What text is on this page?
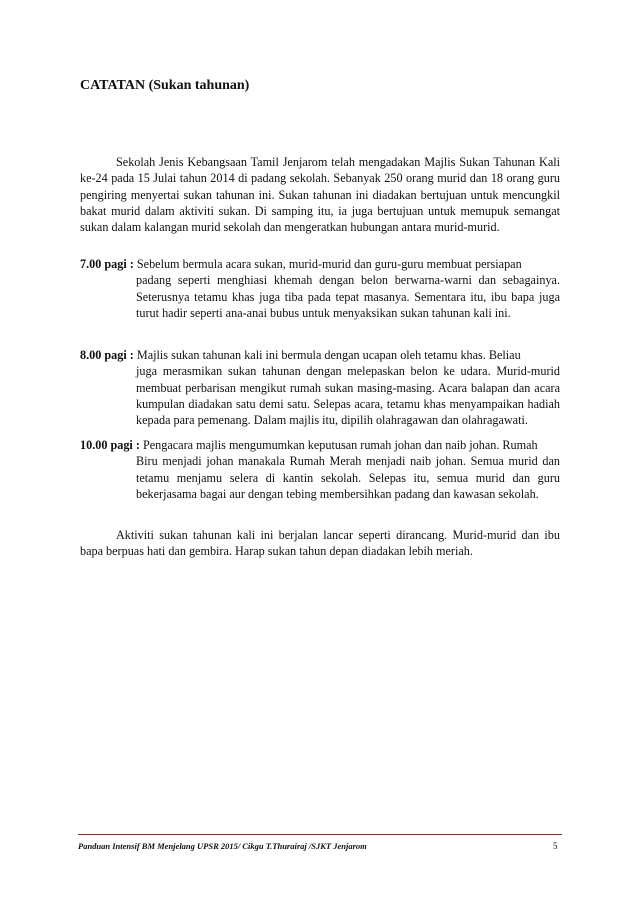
CATATAN (Sukan tahunan)

Sekolah Jenis Kebangsaan Tamil Jenjarom telah mengadakan Majlis Sukan Tahunan Kali ke-24 pada 15 Julai tahun 2014 di padang sekolah. Sebanyak 250 orang murid dan 18 orang guru pengiring menyertai sukan tahunan ini. Sukan tahunan ini diadakan bertujuan untuk mencungkil bakat murid dalam aktiviti sukan. Di samping itu, ia juga bertujuan untuk memupuk semangat sukan dalam kalangan murid sekolah dan mengeratkan hubungan antara murid-murid.

7.00 pagi : Sebelum bermula acara sukan, murid-murid dan guru-guru membuat persiapan
padang seperti menghiasi khemah dengan belon berwarna-warni dan sebagainya. Seterusnya tetamu khas juga tiba pada tepat masanya. Sementara itu, ibu bapa juga turut hadir seperti ana-anai bubus untuk menyaksikan sukan tahunan kali ini.
8.00 pagi : Majlis sukan tahunan kali ini bermula dengan ucapan oleh tetamu khas. Beliau
juga merasmikan sukan tahunan dengan melepaskan belon ke udara. Murid-murid membuat perbarisan mengikut rumah sukan masing-masing. Acara balapan dan acara kumpulan diadakan satu demi satu. Selepas acara, tetamu khas menyampaikan hadiah kepada para pemenang. Dalam majlis itu, dipilih olahragawan dan olahragawati.
10.00 pagi : Pengacara majlis mengumumkan keputusan rumah johan dan naib johan. Rumah
Biru menjadi johan manakala Rumah Merah menjadi naib johan. Semua murid dan tetamu menjamu selera di kantin sekolah. Selepas itu, semua murid dan guru bekerjasama bagai aur dengan tebing membersihkan padang dan kawasan sekolah.

Aktiviti sukan tahunan kali ini berjalan lancar seperti dirancang. Murid-murid dan ibu bapa berpuas hati dan gembira. Harap sukan tahun depan diadakan lebih meriah.

Panduan Intensif BM Menjelang UPSR 2015/ Cikgu T.Thurairaj /SJKT Jenjarom	5
